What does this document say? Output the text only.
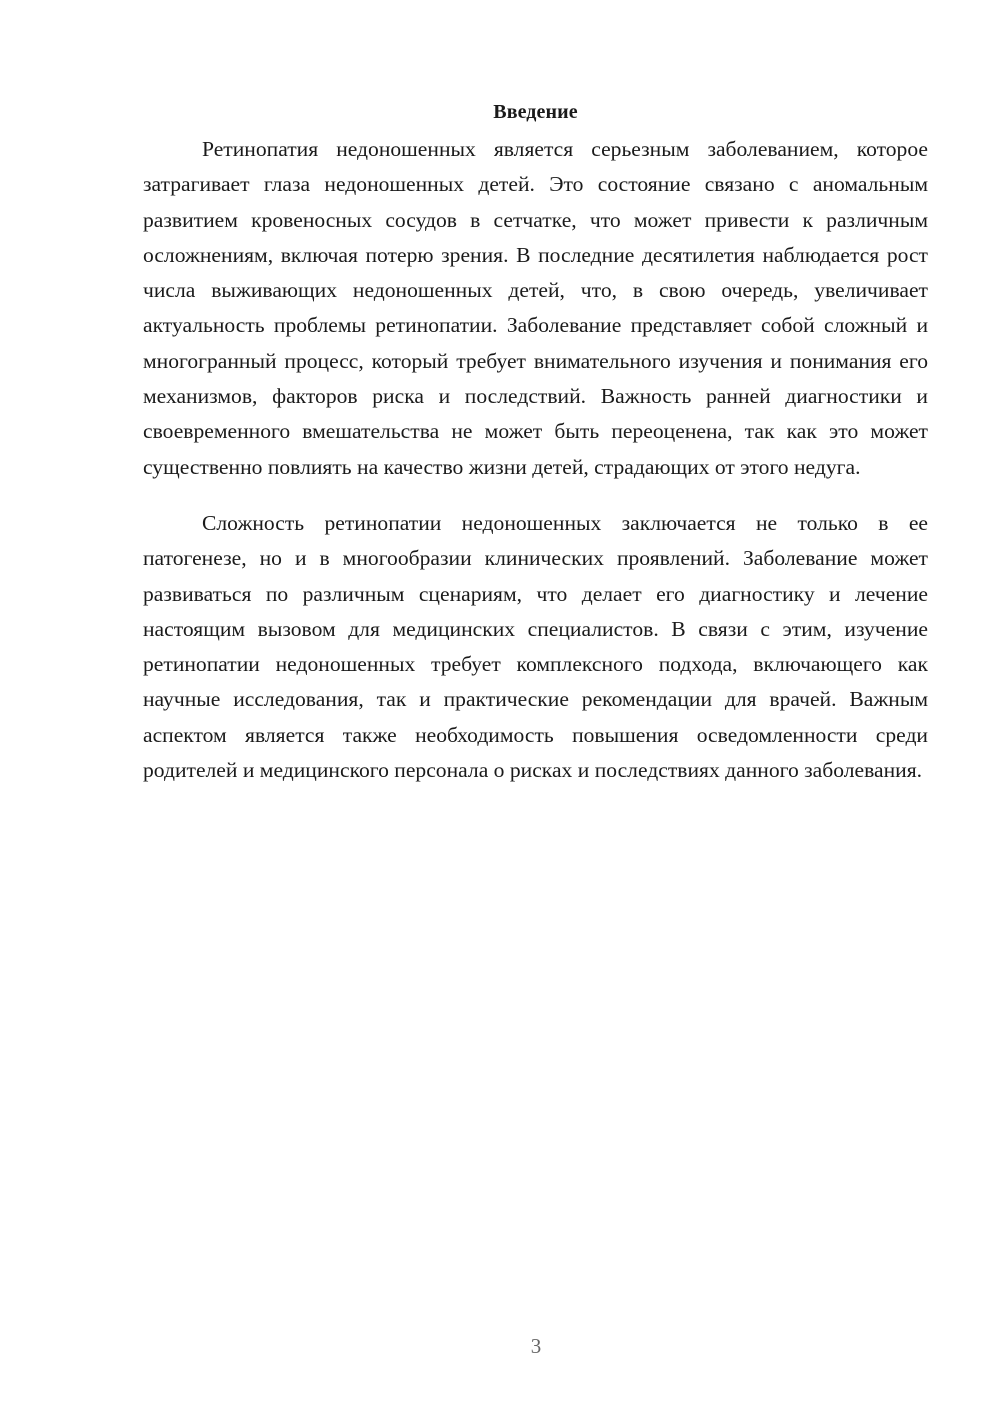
Введение

Ретинопатия недоношенных является серьезным заболеванием, которое затрагивает глаза недоношенных детей. Это состояние связано с аномальным развитием кровеносных сосудов в сетчатке, что может привести к различным осложнениям, включая потерю зрения. В последние десятилетия наблюдается рост числа выживающих недоношенных детей, что, в свою очередь, увеличивает актуальность проблемы ретинопатии. Заболевание представляет собой сложный и многогранный процесс, который требует внимательного изучения и понимания его механизмов, факторов риска и последствий. Важность ранней диагностики и своевременного вмешательства не может быть переоценена, так как это может существенно повлиять на качество жизни детей, страдающих от этого недуга.

Сложность ретинопатии недоношенных заключается не только в ее патогенезе, но и в многообразии клинических проявлений. Заболевание может развиваться по различным сценариям, что делает его диагностику и лечение настоящим вызовом для медицинских специалистов. В связи с этим, изучение ретинопатии недоношенных требует комплексного подхода, включающего как научные исследования, так и практические рекомендации для врачей. Важным аспектом является также необходимость повышения осведомленности среди родителей и медицинского персонала о рисках и последствиях данного заболевания.

3
